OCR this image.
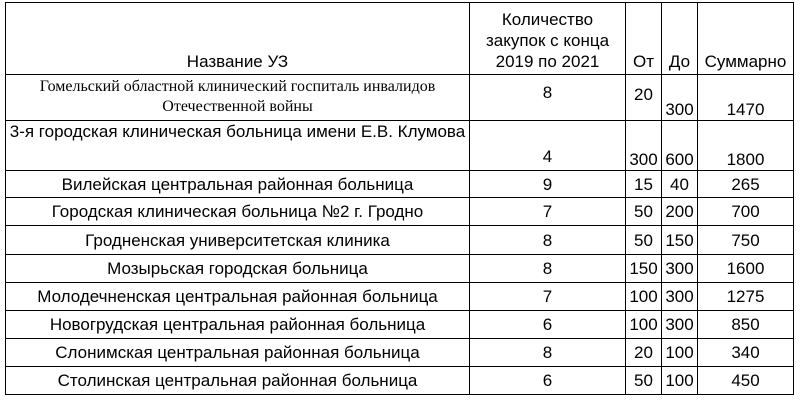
Название УЗ	Количество закупок с конца 2019 по 2021	От	До	Суммарно
Гомельский областной клинический госпиталь инвалидов Отечественной войны	8	20	300	1470
3-я городская клиническая больница имени Е.В. Клумова	4	300	600	1800
Вилейская центральная районная больница	9	15	40	265
Городская клиническая больница №2 г. Гродно	7	50	200	700
Гродненская университетская клиника	8	50	150	750
Мозырьская городская больница	8	150	300	1600
Молодечненская центральная районная больница	7	100	300	1275
Новогрудская центральная районная больница	6	100	300	850
Слонимская центральная районная больница	8	20	100	340
Столинская центральная районная больница	6	50	100	450
